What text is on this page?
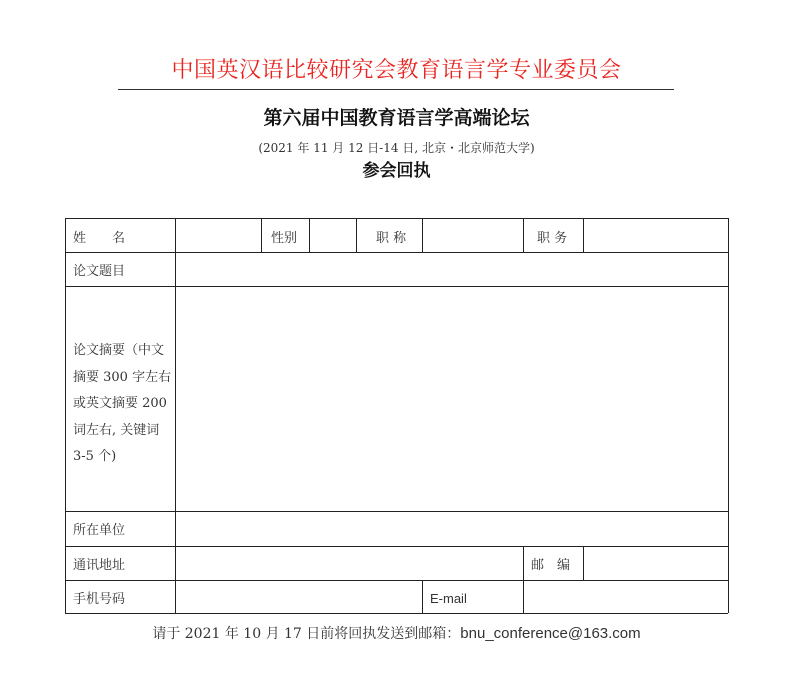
中国英汉语比较研究会教育语言学专业委员会
第六届中国教育语言学高端论坛
(2021 年 11 月 12 日-14 日, 北京・北京师范大学)
参会回执
姓　　名	性别	职 称	职 务
论文题目
论文摘要（中文
摘要 300 字左右
或英文摘要 200
词左右, 关键词
3-5 个)
所在单位
通讯地址	邮　编
手机号码	E-mail
请于 2021 年 10 月 17 日前将回执发送到邮箱：bnu_conference@163.com
